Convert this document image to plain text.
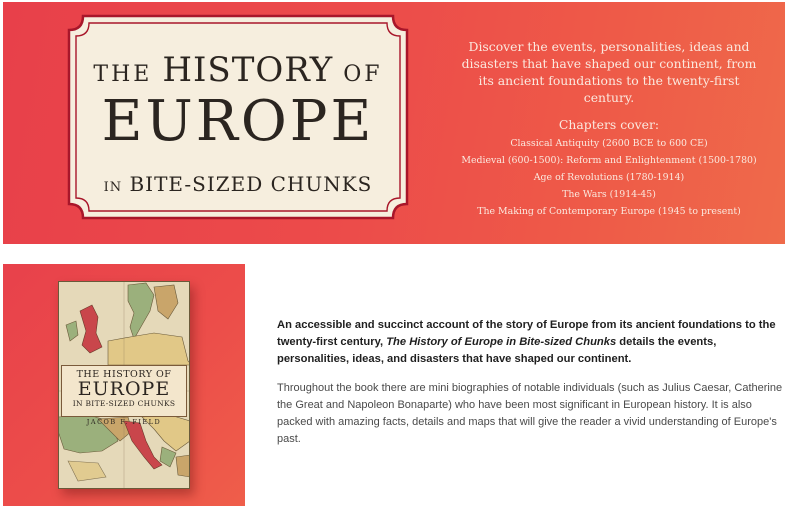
THE HISTORY OF
EUROPE
IN BITE-SIZED CHUNKS
Discover the events, personalities, ideas and disasters that have shaped our continent, from its ancient foundations to the twenty-first century.
Chapters cover:
Classical Antiquity (2600 BCE to 600 CE)
Medieval (600-1500): Reform and Enlightenment (1500-1780)
Age of Revolutions (1780-1914)
The Wars (1914-45)
The Making of Contemporary Europe (1945 to present)
THE HISTORY OF
EUROPE
IN BITE-SIZED CHUNKS
JACOB F. FIELD

An accessible and succinct account of the story of Europe from its ancient foundations to the twenty-first century, The History of Europe in Bite-sized Chunks details the events, personalities, ideas, and disasters that have shaped our continent.

Throughout the book there are mini biographies of notable individuals (such as Julius Caesar, Catherine the Great and Napoleon Bonaparte) who have been most significant in European history. It is also packed with amazing facts, details and maps that will give the reader a vivid understanding of Europe's past.
